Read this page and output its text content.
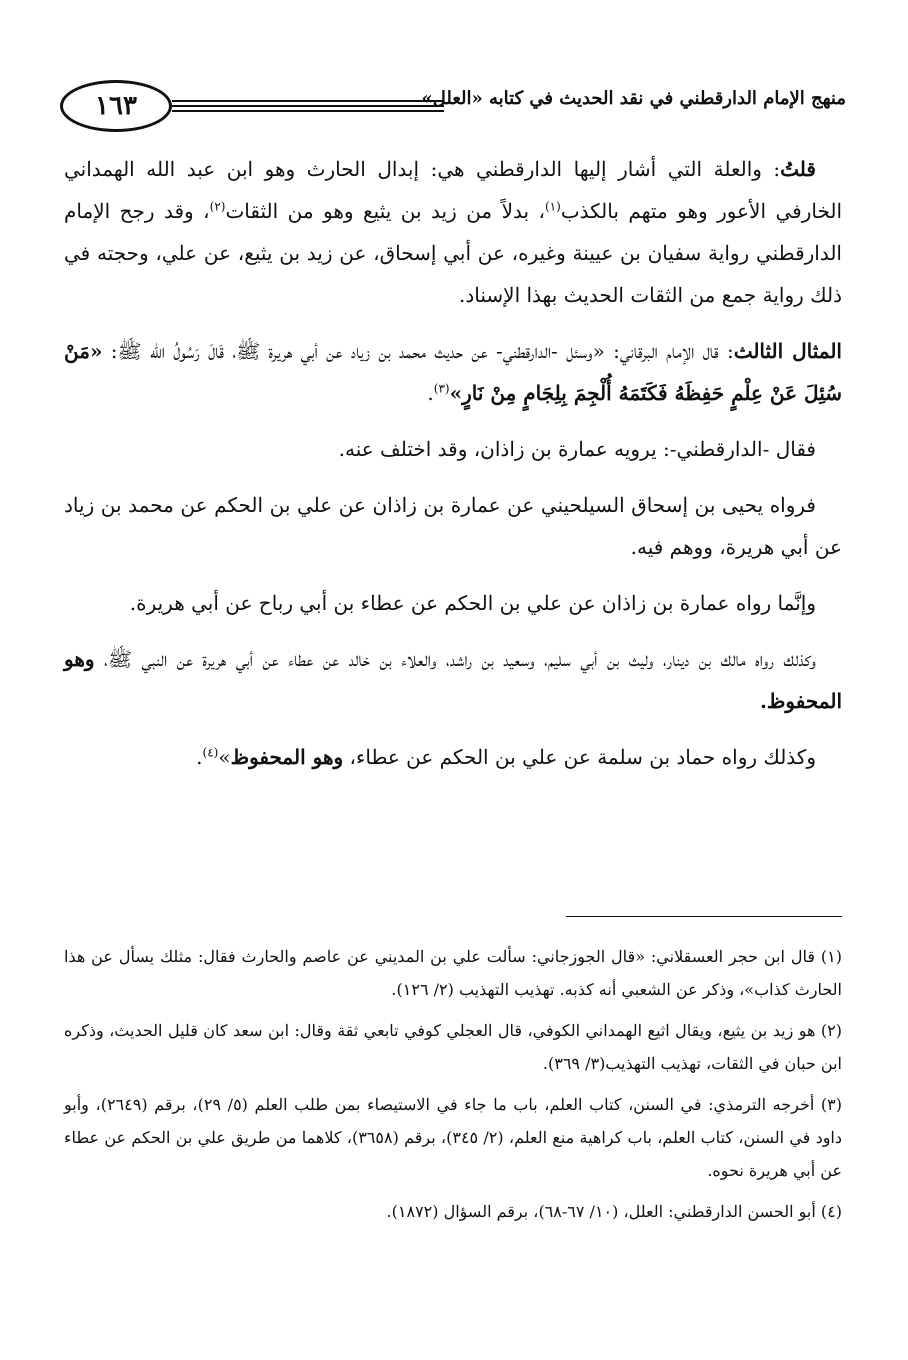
منهج الإمام الدارقطني في نقد الحديث في كتابه «العلل»
١٦٣

قلتُ: والعلة التي أشار إليها الدارقطني هي: إبدال الحارث وهو ابن عبد الله الهمداني الخارفي الأعور وهو متهم بالكذب$^{(١)}$، بدلاً من زيد بن يثيع وهو من الثقات$^{(٢)}$، وقد رجح الإمام الدارقطني رواية سفيان بن عيينة وغيره، عن أبي إسحاق، عن زيد بن يثيع، عن علي، وحجته في ذلك رواية جمع من الثقات الحديث بهذا الإسناد.

المثال الثالث: قال الإمام البرقاني: «وسئل -الدارقطني- عن حديث محمد بن زياد عن أبي هريرة ﷺ، قَالَ رَسُولُ الله ﷺ: «مَنْ سُئِلَ عَنْ عِلْمٍ حَفِظَهُ فَكَتَمَهُ أُلْجِمَ بِلِجَامٍ مِنْ نَارٍ»$^{(٣)}$.

فقال -الدارقطني-: يرويه عمارة بن زاذان، وقد اختلف عنه.

فرواه يحيى بن إسحاق السيلحيني عن عمارة بن زاذان عن علي بن الحكم عن محمد بن زياد عن أبي هريرة، ووهم فيه.

وإنَّما رواه عمارة بن زاذان عن علي بن الحكم عن عطاء بن أبي رباح عن أبي هريرة.

وكذلك رواه مالك بن دينار، وليث بن أبي سليم، وسعيد بن راشد، والعلاء بن خالد عن عطاء عن أبي هريرة عن النبي ﷺ، وهو المحفوظ.

وكذلك رواه حماد بن سلمة عن علي بن الحكم عن عطاء، وهو المحفوظ»$^{(٤)}$.

(١) قال ابن حجر العسقلاني: «قال الجوزجاني: سألت علي بن المديني عن عاصم والحارث فقال: مثلك يسأل عن هذا الحارث كذاب»، وذكر عن الشعبي أنه كذبه. تهذيب التهذيب (٢/ ١٢٦).

(٢) هو زيد بن يثيع، ويقال اثيع الهمداني الكوفي، قال العجلي كوفي تابعي ثقة وقال: ابن سعد كان قليل الحديث، وذكره ابن حبان في الثقات، تهذيب التهذيب(٣/ ٣٦٩).

(٣) أخرجه الترمذي: في السنن، كتاب العلم، باب ما جاء في الاستيصاء بمن طلب العلم (٥/ ٢٩)، برقم (٢٦٤٩)، وأبو داود في السنن، كتاب العلم، باب كراهية منع العلم، (٢/ ٣٤٥)، برقم (٣٦٥٨)، كلاهما من طريق علي بن الحكم عن عطاء عن أبي هريرة نحوه.

(٤) أبو الحسن الدارقطني: العلل، (١٠/ ٦٧-٦٨)، برقم السؤال (١٨٧٢).
